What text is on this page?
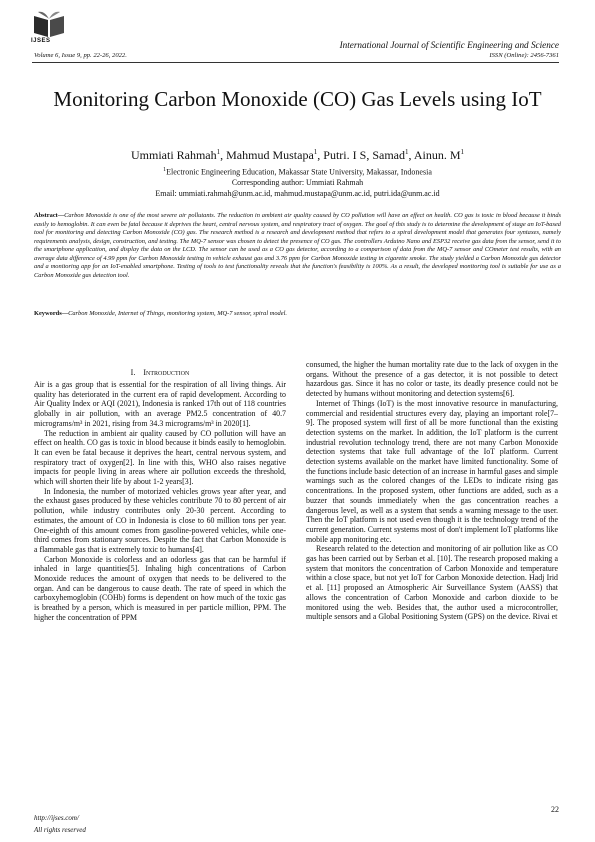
IJSES	International Journal of Scientific Engineering and Science
Volume 6, Issue 9, pp. 22-26, 2022.	ISSN (Online): 2456-7361
Monitoring Carbon Monoxide (CO) Gas Levels using IoT
Ummiati Rahmah$^1$, Mahmud Mustapa$^1$, Putri. I S, Samad$^1$, Ainun. $M^1$
$^1$Electronic Engineering Education, Makassar State University, Makassar, Indonesia
Corresponding author: Ummiati Rahmah
Email: ummiati.rahmah@unm.ac.id, mahmud.mustapa@unm.ac.id, putri.ida@unm.ac.id
Abstract—Carbon Monoxide is one of the most severe air pollutants. The reduction in ambient air quality caused by CO pollution will have an effect on health. CO gas is toxic in blood because it binds easily to hemoglobin. It can even be fatal because it deprives the heart, central nervous system, and respiratory tract of oxygen. The goal of this study is to determine the development of stage an IoT-based tool for monitoring and detecting Carbon Monoxide (CO) gas. The research method is a research and development method that refers to a spiral development model that generates four syntaxes, namely requirements analysis, design, construction, and testing. The MQ-7 sensor was chosen to detect the presence of CO gas. The controllers Arduino Nano and ESP32 receive gas data from the sensor, send it to the smartphone application, and display the data on the LCD. The sensor can be used as a CO gas detector, according to a comparison of data from the MQ-7 sensor and COmeter test results, with an average data difference of 4.99 ppm for Carbon Monoxide testing in vehicle exhaust gas and 3.76 ppm for Carbon Monoxide testing in cigarette smoke. The study yielded a Carbon Monoxide gas detector and a monitoring app for an IoT-enabled smartphone. Testing of tools to test functionality reveals that the function's feasibility is 100%. As a result, the developed monitoring tool is suitable for use as a Carbon Monoxide gas detection tool.
Keywords—Carbon Monoxide, Internet of Things, monitoring system, MQ-7 sensor, spiral model.
I. Introduction

Air is a gas group that is essential for the respiration of all living things. Air quality has deteriorated in the current era of rapid development. According to Air Quality Index or AQI (2021), Indonesia is ranked 17th out of 118 countries globally in air pollution, with an average PM2.5 concentration of 40.7 micrograms/m³ in 2021, rising from 34.3 micrograms/m³ in 2020[1].

The reduction in ambient air quality caused by CO pollution will have an effect on health. CO gas is toxic in blood because it binds easily to hemoglobin. It can even be fatal because it deprives the heart, central nervous system, and respiratory tract of oxygen[2]. In line with this, WHO also raises negative impacts for people living in areas where air pollution exceeds the threshold, which will shorten their life by about 1-2 years[3].

In Indonesia, the number of motorized vehicles grows year after year, and the exhaust gases produced by these vehicles contribute 70 to 80 percent of air pollution, while industry contributes only 20-30 percent. According to estimates, the amount of CO in Indonesia is close to 60 million tons per year. One-eighth of this amount comes from gasoline-powered vehicles, while one-third comes from stationary sources. Despite the fact that Carbon Monoxide is a flammable gas that is extremely toxic to humans[4].

Carbon Monoxide is colorless and an odorless gas that can be harmful if inhaled in large quantities[5]. Inhaling high concentrations of Carbon Monoxide reduces the amount of oxygen that needs to be delivered to the organ. And can be dangerous to cause death. The rate of speed in which the carboxyhemoglobin (COHb) forms is dependent on how much of the toxic gas is breathed by a person, which is measured in per particle million, PPM. The higher the concentration of PPM

consumed, the higher the human mortality rate due to the lack of oxygen in the organs. Without the presence of a gas detector, it is not possible to detect hazardous gas. Since it has no color or taste, its deadly presence could not be detected by humans without monitoring and detection systems[6].

Internet of Things (IoT) is the most innovative resource in manufacturing, commercial and residential structures every day, playing an important role[7–9]. The proposed system will first of all be more functional than the existing detection systems on the market. In addition, the IoT platform is the current industrial revolution technology trend, there are not many Carbon Monoxide detection systems that take full advantage of the IoT platform. Current detection systems available on the market have limited functionality. Some of the functions include basic detection of an increase in harmful gases and simple warnings such as the colored changes of the LEDs to indicate rising gas concentrations. In the proposed system, other functions are added, such as a buzzer that sounds immediately when the gas concentration reaches a dangerous level, as well as a system that sends a warning message to the user. Then the IoT platform is not used even though it is the technology trend of the current generation. Current systems most of don't implement IoT platforms like mobile app monitoring etc.

Research related to the detection and monitoring of air pollution like as CO gas has been carried out by Serban et al. [10]. The research proposed making a system that monitors the concentration of Carbon Monoxide and temperature within a close space, but not yet IoT for Carbon Monoxide detection. Hadj Irid et al. [11] proposed an Atmospheric Air Surveillance System (AASS) that allows the concentration of Carbon Monoxide and carbon dioxide to be monitored using the web. Besides that, the author used a microcontroller, multiple sensors and a Global Positioning System (GPS) on the device. Rivai et

22
http://ijses.com/
All rights reserved
